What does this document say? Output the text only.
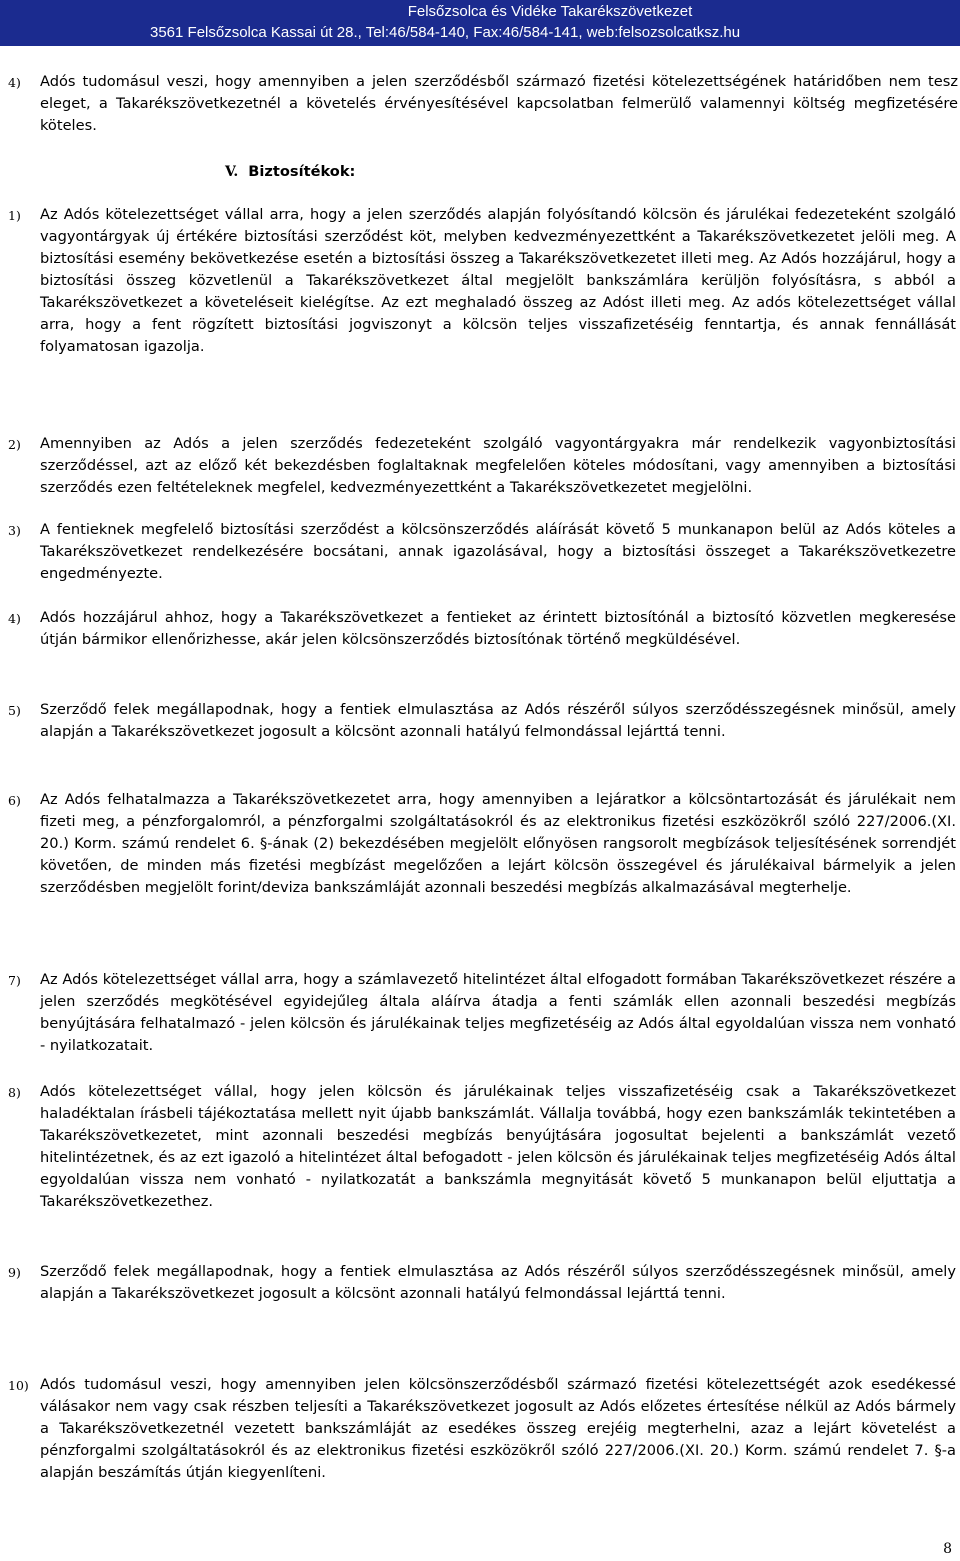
Felsőzsolca és Vidéke Takarékszövetkezet
3561 Felsőzsolca Kassai út 28., Tel:46/584-140, Fax:46/584-141, web:felsozsolcatksz.hu
4) Adós tudomásul veszi, hogy amennyiben a jelen szerződésből származó fizetési kötelezettségének határidőben nem tesz eleget, a Takarékszövetkezetnél a követelés érvényesítésével kapcsolatban felmerülő valamennyi költség megfizetésére köteles.
V. Biztosítékok:
1) Az Adós kötelezettséget vállal arra, hogy a jelen szerződés alapján folyósítandó kölcsön és járulékai fedezeteként szolgáló vagyontárgyak új értékére biztosítási szerződést köt, melyben kedvezményezettként a Takarékszövetkezetet jelöli meg. A biztosítási esemény bekövetkezése esetén a biztosítási összeg a Takarékszövetkezetet illeti meg. Az Adós hozzájárul, hogy a biztosítási összeg közvetlenül a Takarékszövetkezet által megjelölt bankszámlára kerüljön folyósításra, s abból a Takarékszövetkezet a követeléseit kielégítse. Az ezt meghaladó összeg az Adóst illeti meg. Az adós kötelezettséget vállal arra, hogy a fent rögzített biztosítási jogviszonyt a kölcsön teljes visszafizetéséig fenntartja, és annak fennállását folyamatosan igazolja.
2) Amennyiben az Adós a jelen szerződés fedezeteként szolgáló vagyontárgyakra már rendelkezik vagyonbiztosítási szerződéssel, azt az előző két bekezdésben foglaltaknak megfelelően köteles módosítani, vagy amennyiben a biztosítási szerződés ezen feltételeknek megfelel, kedvezményezettként a Takarékszövetkezetet megjelölni.
3) A fentieknek megfelelő biztosítási szerződést a kölcsönszerződés aláírását követő 5 munkanapon belül az Adós köteles a Takarékszövetkezet rendelkezésére bocsátani, annak igazolásával, hogy a biztosítási összeget a Takarékszövetkezetre engedményezte.
4) Adós hozzájárul ahhoz, hogy a Takarékszövetkezet a fentieket az érintett biztosítónál a biztosító közvetlen megkeresése útján bármikor ellenőrizhesse, akár jelen kölcsönszerződés biztosítónak történő megküldésével.
5) Szerződő felek megállapodnak, hogy a fentiek elmulasztása az Adós részéről súlyos szerződésszegésnek minősül, amely alapján a Takarékszövetkezet jogosult a kölcsönt azonnali hatályú felmondással lejárttá tenni.
6) Az Adós felhatalmazza a Takarékszövetkezetet arra, hogy amennyiben a lejáratkor a kölcsöntartozását és járulékait nem fizeti meg, a pénzforgalomról, a pénzforgalmi szolgáltatásokról és az elektronikus fizetési eszközökről szóló 227/2006.(XI. 20.) Korm. számú rendelet 6. §-ának (2) bekezdésében megjelölt előnyösen rangsorolt megbízások teljesítésének sorrendjét követően, de minden más fizetési megbízást megelőzően a lejárt kölcsön összegével és járulékaival bármelyik a jelen szerződésben megjelölt forint/deviza bankszámláját azonnali beszedési megbízás alkalmazásával megterhelje.
7) Az Adós kötelezettséget vállal arra, hogy a számlavezető hitelintézet által elfogadott formában Takarékszövetkezet részére a jelen szerződés megkötésével egyidejűleg általa aláírva átadja a fenti számlák ellen azonnali beszedési megbízás benyújtására felhatalmazó - jelen kölcsön és járulékainak teljes megfizetéséig az Adós által egyoldalúan vissza nem vonható - nyilatkozatait.
8) Adós kötelezettséget vállal, hogy jelen kölcsön és járulékainak teljes visszafizetéséig csak a Takarékszövetkezet haladéktalan írásbeli tájékoztatása mellett nyit újabb bankszámlát. Vállalja továbbá, hogy ezen bankszámlák tekintetében a Takarékszövetkezetet, mint azonnali beszedési megbízás benyújtására jogosultat bejelenti a bankszámlát vezető hitelintézetnek, és az ezt igazoló a hitelintézet által befogadott - jelen kölcsön és járulékainak teljes megfizetéséig Adós által egyoldalúan vissza nem vonható - nyilatkozatát a bankszámla megnyitását követő 5 munkanapon belül eljuttatja a Takarékszövetkezethez.
9) Szerződő felek megállapodnak, hogy a fentiek elmulasztása az Adós részéről súlyos szerződésszegésnek minősül, amely alapján a Takarékszövetkezet jogosult a kölcsönt azonnali hatályú felmondással lejárttá tenni.
10) Adós tudomásul veszi, hogy amennyiben jelen kölcsönszerződésből származó fizetési kötelezettségét azok esedékessé válásakor nem vagy csak részben teljesíti a Takarékszövetkezet jogosult az Adós előzetes értesítése nélkül az Adós bármely a Takarékszövetkezetnél vezetett bankszámláját az esedékes összeg erejéig megterhelni, azaz a lejárt követelést a pénzforgalmi szolgáltatásokról és az elektronikus fizetési eszközökről szóló 227/2006.(XI. 20.) Korm. számú rendelet 7. §-a alapján beszámítás útján kiegyenlíteni.
8
